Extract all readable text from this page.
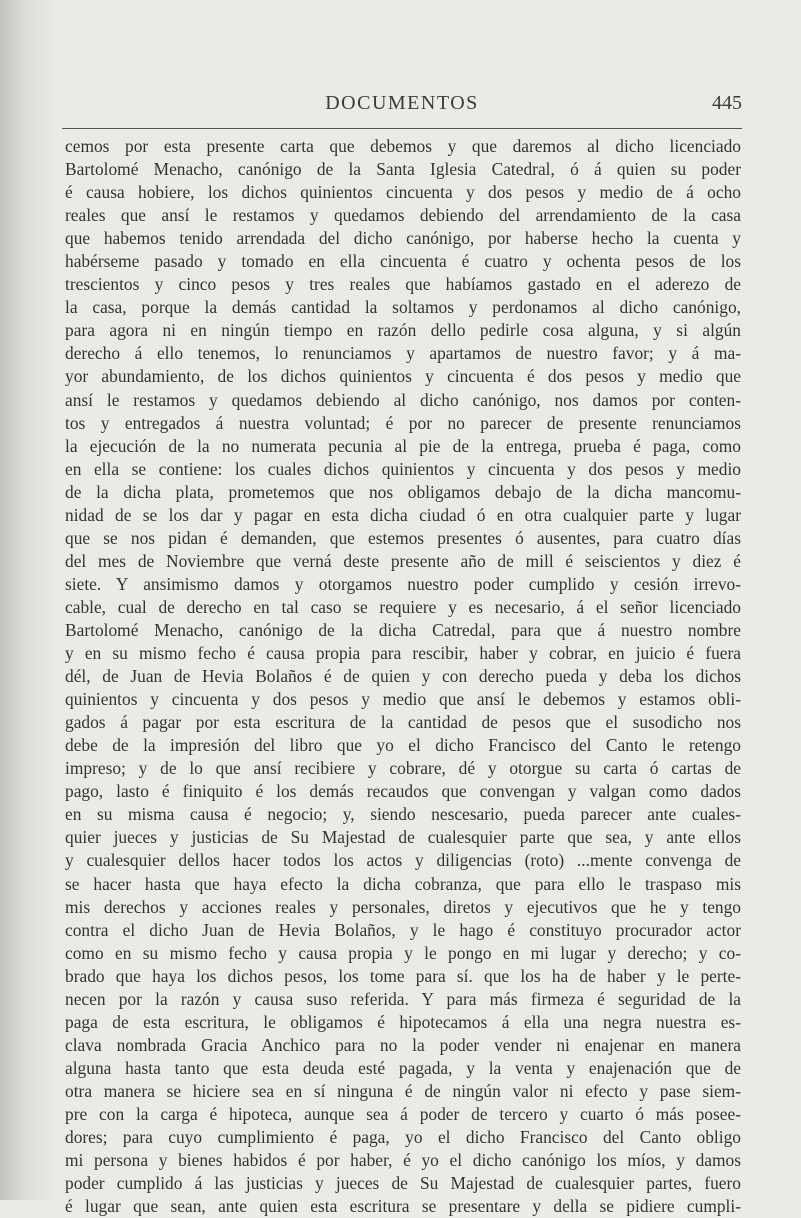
DOCUMENTOS	445
cemos por esta presente carta que debemos y que daremos al dicho licenciado
Bartolomé Menacho, canónigo de la Santa Iglesia Catedral, ó á quien su poder
é causa hobiere, los dichos quinientos cincuenta y dos pesos y medio de á ocho
reales que ansí le restamos y quedamos debiendo del arrendamiento de la casa
que habemos tenido arrendada del dicho canónigo, por haberse hecho la cuenta y
habérseme pasado y tomado en ella cincuenta é cuatro y ochenta pesos de los
trescientos y cinco pesos y tres reales que habíamos gastado en el aderezo de
la casa, porque la demás cantidad la soltamos y perdonamos al dicho canónigo,
para agora ni en ningún tiempo en razón dello pedirle cosa alguna, y si algún
derecho á ello tenemos, lo renunciamos y apartamos de nuestro favor; y á ma-
yor abundamiento, de los dichos quinientos y cincuenta é dos pesos y medio que
ansí le restamos y quedamos debiendo al dicho canónigo, nos damos por conten-
tos y entregados á nuestra voluntad; é por no parecer de presente renunciamos
la ejecución de la no numerata pecunia al pie de la entrega, prueba é paga, como
en ella se contiene: los cuales dichos quinientos y cincuenta y dos pesos y medio
de la dicha plata, prometemos que nos obligamos debajo de la dicha mancomu-
nidad de se los dar y pagar en esta dicha ciudad ó en otra cualquier parte y lugar
que se nos pidan é demanden, que estemos presentes ó ausentes, para cuatro días
del mes de Noviembre que verná deste presente año de mill é seiscientos y diez é
siete. Y ansimismo damos y otorgamos nuestro poder cumplido y cesión irrevo-
cable, cual de derecho en tal caso se requiere y es necesario, á el señor licenciado
Bartolomé Menacho, canónigo de la dicha Catredal, para que á nuestro nombre
y en su mismo fecho é causa propia para rescibir, haber y cobrar, en juicio é fuera
dél, de Juan de Hevia Bolaños é de quien y con derecho pueda y deba los dichos
quinientos y cincuenta y dos pesos y medio que ansí le debemos y estamos obli-
gados á pagar por esta escritura de la cantidad de pesos que el susodicho nos
debe de la impresión del libro que yo el dicho Francisco del Canto le retengo
impreso; y de lo que ansí recibiere y cobrare, dé y otorgue su carta ó cartas de
pago, lasto é finiquito é los demás recaudos que convengan y valgan como dados
en su misma causa é negocio; y, siendo nescesario, pueda parecer ante cuales-
quier jueces y justicias de Su Majestad de cualesquier parte que sea, y ante ellos
y cualesquier dellos hacer todos los actos y diligencias (roto) ...mente convenga de
se hacer hasta que haya efecto la dicha cobranza, que para ello le traspaso mis
mis derechos y acciones reales y personales, diretos y ejecutivos que he y tengo
contra el dicho Juan de Hevia Bolaños, y le hago é constituyo procurador actor
como en su mismo fecho y causa propia y le pongo en mi lugar y derecho; y co-
brado que haya los dichos pesos, los tome para sí. que los ha de haber y le perte-
necen por la razón y causa suso referida. Y para más firmeza é seguridad de la
paga de esta escritura, le obligamos é hipotecamos á ella una negra nuestra es-
clava nombrada Gracia Anchico para no la poder vender ni enajenar en manera
alguna hasta tanto que esta deuda esté pagada, y la venta y enajenación que de
otra manera se hiciere sea en sí ninguna é de ningún valor ni efecto y pase siem-
pre con la carga é hipoteca, aunque sea á poder de tercero y cuarto ó más posee-
dores; para cuyo cumplimiento é paga, yo el dicho Francisco del Canto obligo
mi persona y bienes habidos é por haber, é yo el dicho canónigo los míos, y damos
poder cumplido á las justicias y jueces de Su Majestad de cualesquier partes, fuero
é lugar que sean, ante quien esta escritura se presentare y della se pidiere cumpli-
